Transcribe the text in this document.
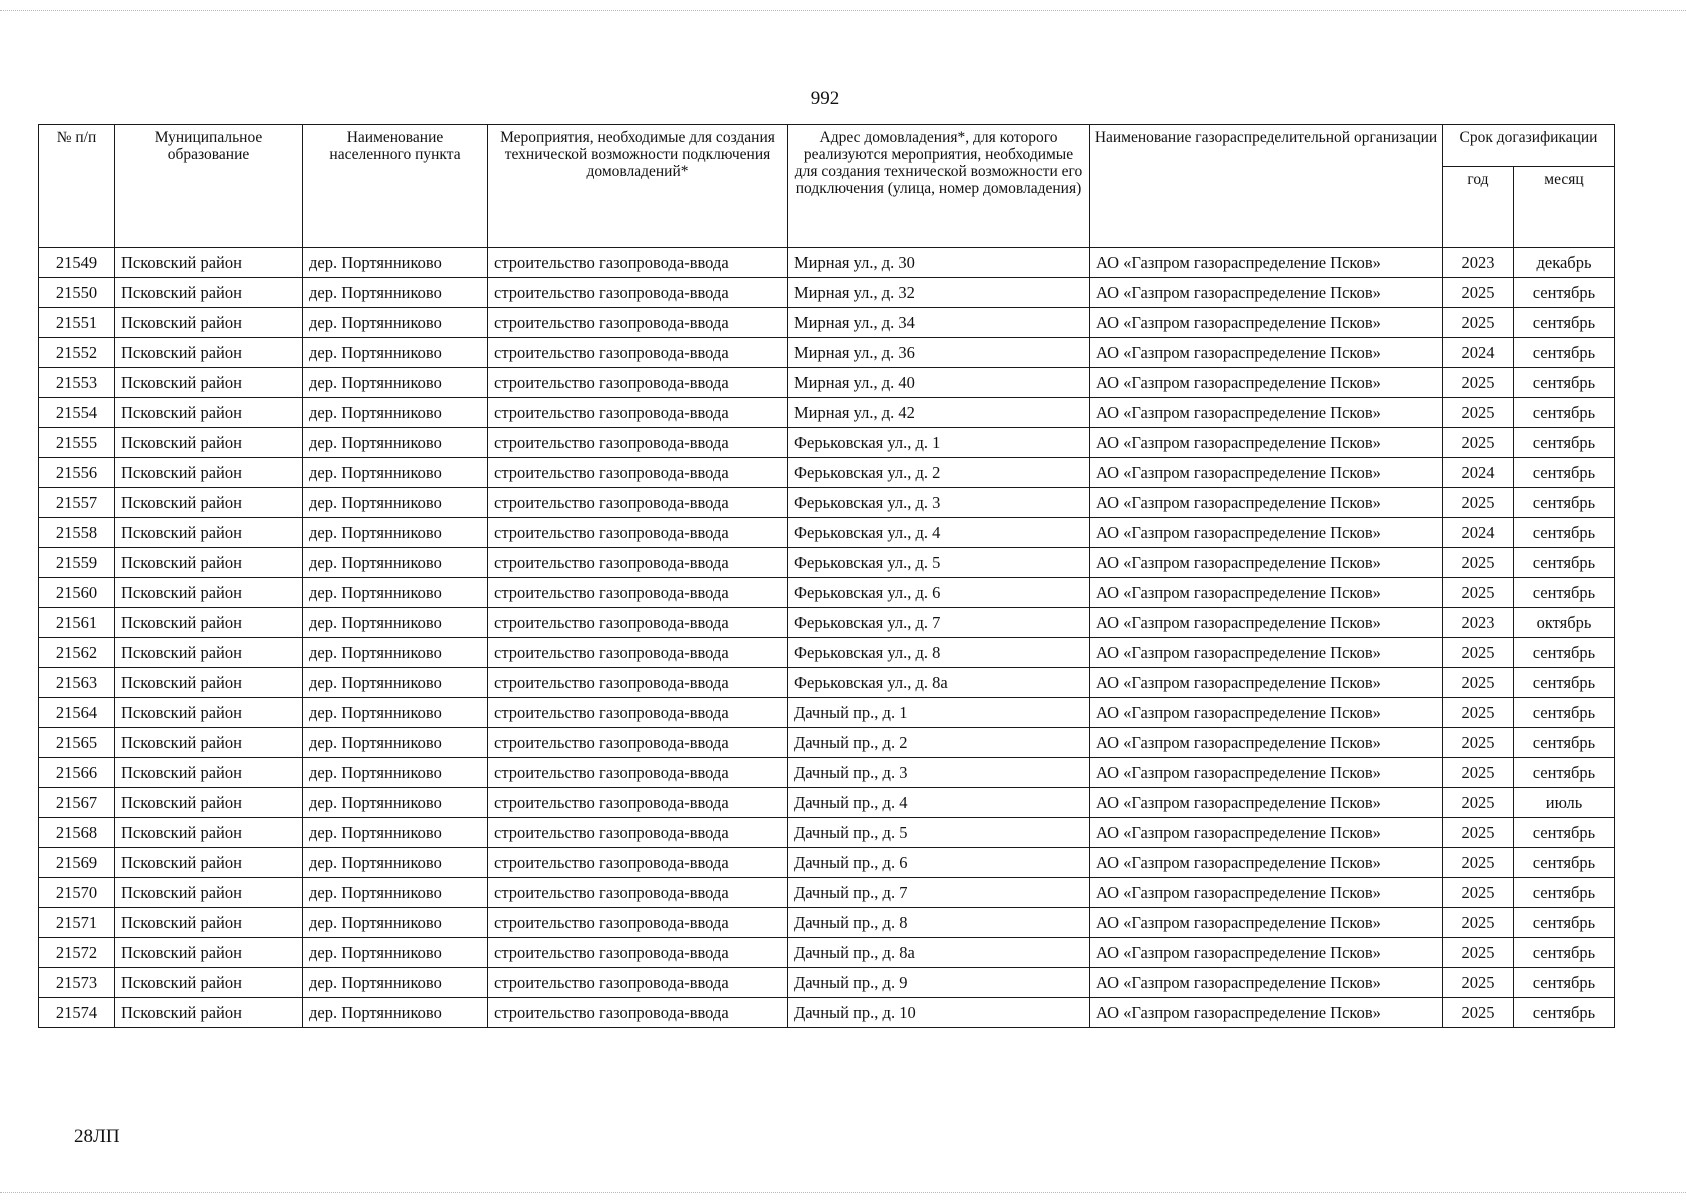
992
№ п/п	Муниципальное образование	Наименование населенного пункта	Мероприятия, необходимые для создания технической возможности подключения домовладений*	Адрес домовладения*, для которого реализуются мероприятия, необходимые для создания технической возможности его подключения (улица, номер домовладения)	Наименование газораспределительной организации	Срок догазификации	
						год	месяц
21549	Псковский район	дер. Портянниково	строительство газопровода-ввода	Мирная ул., д. 30	АО «Газпром газораспределение Псков»	2023	декабрь
21550	Псковский район	дер. Портянниково	строительство газопровода-ввода	Мирная ул., д. 32	АО «Газпром газораспределение Псков»	2025	сентябрь
21551	Псковский район	дер. Портянниково	строительство газопровода-ввода	Мирная ул., д. 34	АО «Газпром газораспределение Псков»	2025	сентябрь
21552	Псковский район	дер. Портянниково	строительство газопровода-ввода	Мирная ул., д. 36	АО «Газпром газораспределение Псков»	2024	сентябрь
21553	Псковский район	дер. Портянниково	строительство газопровода-ввода	Мирная ул., д. 40	АО «Газпром газораспределение Псков»	2025	сентябрь
21554	Псковский район	дер. Портянниково	строительство газопровода-ввода	Мирная ул., д. 42	АО «Газпром газораспределение Псков»	2025	сентябрь
21555	Псковский район	дер. Портянниково	строительство газопровода-ввода	Ферьковская ул., д. 1	АО «Газпром газораспределение Псков»	2025	сентябрь
21556	Псковский район	дер. Портянниково	строительство газопровода-ввода	Ферьковская ул., д. 2	АО «Газпром газораспределение Псков»	2024	сентябрь
21557	Псковский район	дер. Портянниково	строительство газопровода-ввода	Ферьковская ул., д. 3	АО «Газпром газораспределение Псков»	2025	сентябрь
21558	Псковский район	дер. Портянниково	строительство газопровода-ввода	Ферьковская ул., д. 4	АО «Газпром газораспределение Псков»	2024	сентябрь
21559	Псковский район	дер. Портянниково	строительство газопровода-ввода	Ферьковская ул., д. 5	АО «Газпром газораспределение Псков»	2025	сентябрь
21560	Псковский район	дер. Портянниково	строительство газопровода-ввода	Ферьковская ул., д. 6	АО «Газпром газораспределение Псков»	2025	сентябрь
21561	Псковский район	дер. Портянниково	строительство газопровода-ввода	Ферьковская ул., д. 7	АО «Газпром газораспределение Псков»	2023	октябрь
21562	Псковский район	дер. Портянниково	строительство газопровода-ввода	Ферьковская ул., д. 8	АО «Газпром газораспределение Псков»	2025	сентябрь
21563	Псковский район	дер. Портянниково	строительство газопровода-ввода	Ферьковская ул., д. 8а	АО «Газпром газораспределение Псков»	2025	сентябрь
21564	Псковский район	дер. Портянниково	строительство газопровода-ввода	Дачный пр., д. 1	АО «Газпром газораспределение Псков»	2025	сентябрь
21565	Псковский район	дер. Портянниково	строительство газопровода-ввода	Дачный пр., д. 2	АО «Газпром газораспределение Псков»	2025	сентябрь
21566	Псковский район	дер. Портянниково	строительство газопровода-ввода	Дачный пр., д. 3	АО «Газпром газораспределение Псков»	2025	сентябрь
21567	Псковский район	дер. Портянниково	строительство газопровода-ввода	Дачный пр., д. 4	АО «Газпром газораспределение Псков»	2025	июль
21568	Псковский район	дер. Портянниково	строительство газопровода-ввода	Дачный пр., д. 5	АО «Газпром газораспределение Псков»	2025	сентябрь
21569	Псковский район	дер. Портянниково	строительство газопровода-ввода	Дачный пр., д. 6	АО «Газпром газораспределение Псков»	2025	сентябрь
21570	Псковский район	дер. Портянниково	строительство газопровода-ввода	Дачный пр., д. 7	АО «Газпром газораспределение Псков»	2025	сентябрь
21571	Псковский район	дер. Портянниково	строительство газопровода-ввода	Дачный пр., д. 8	АО «Газпром газораспределение Псков»	2025	сентябрь
21572	Псковский район	дер. Портянниково	строительство газопровода-ввода	Дачный пр., д. 8а	АО «Газпром газораспределение Псков»	2025	сентябрь
21573	Псковский район	дер. Портянниково	строительство газопровода-ввода	Дачный пр., д. 9	АО «Газпром газораспределение Псков»	2025	сентябрь
21574	Псковский район	дер. Портянниково	строительство газопровода-ввода	Дачный пр., д. 10	АО «Газпром газораспределение Псков»	2025	сентябрь
28ЛП
